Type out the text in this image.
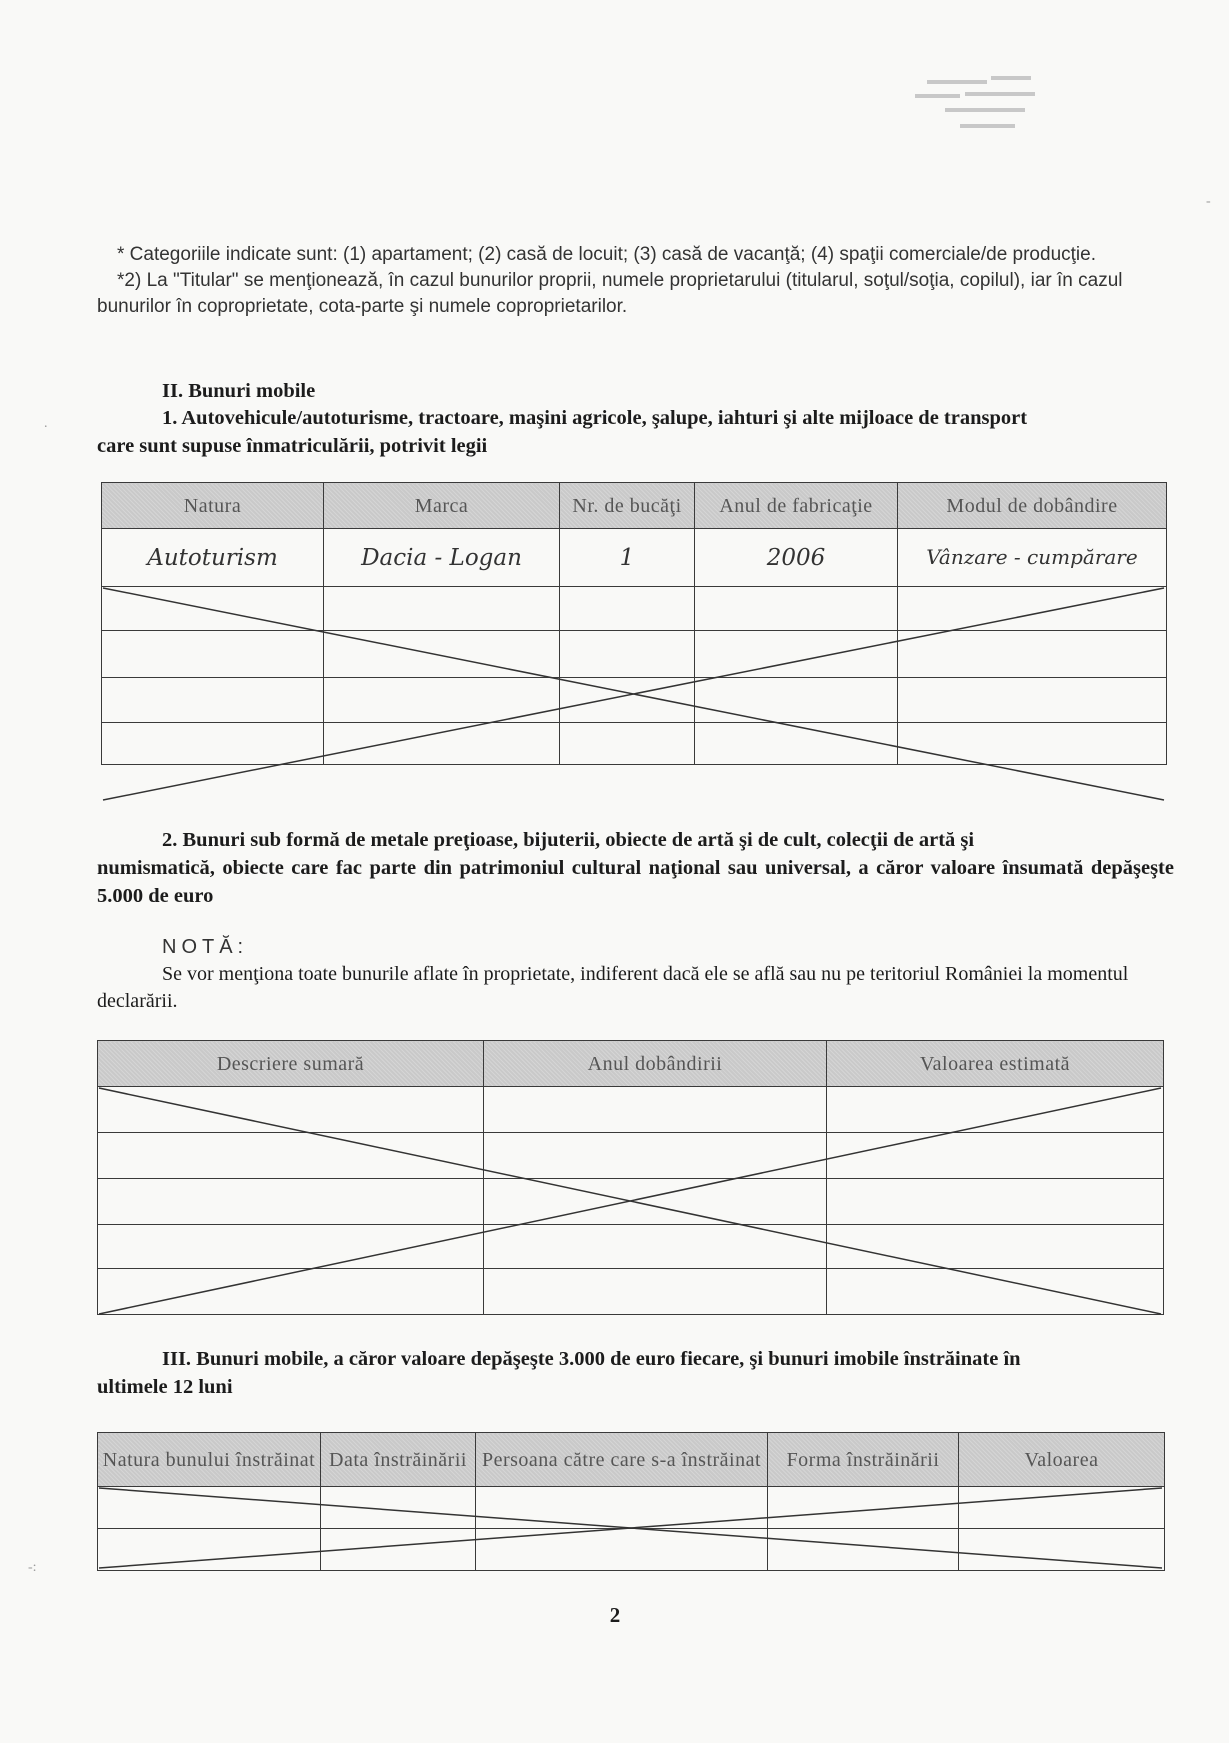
-
.
-:

* Categoriile indicate sunt: (1) apartament; (2) casă de locuit; (3) casă de vacanţă; (4) spaţii comerciale/de producţie.

*2) La "Titular" se menţionează, în cazul bunurilor proprii, numele proprietarului (titularul, soţul/soţia, copilul), iar în cazul bunurilor în coproprietate, cota-parte şi numele coproprietarilor.

II. Bunuri mobile
1. Autovehicule/autoturisme, tractoare, maşini agricole, şalupe, iahturi şi alte mijloace de transport
care sunt supuse înmatriculării, potrivit legii
Natura	Marca	Nr. de bucăţi	Anul de fabricaţie	Modul de dobândire
Autoturism	Dacia - Logan	1	2006	Vânzare - cumpărare

2. Bunuri sub formă de metale preţioase, bijuterii, obiecte de artă şi de cult, colecţii de artă şi
numismatică, obiecte care fac parte din patrimoniul cultural naţional sau universal, a căror valoare însumată depăşeşte 5.000 de euro
NOTĂ:
Se vor menţiona toate bunurile aflate în proprietate, indiferent dacă ele se află sau nu pe teritoriul României la momentul declarării.
Descriere sumară	Anul dobândirii	Valoarea estimată

III. Bunuri mobile, a căror valoare depăşeşte 3.000 de euro fiecare, şi bunuri imobile înstrăinate în
ultimele 12 luni
Natura bunului înstrăinat	Data înstrăinării	Persoana către care s-a înstrăinat	Forma înstrăinării	Valoarea

2
